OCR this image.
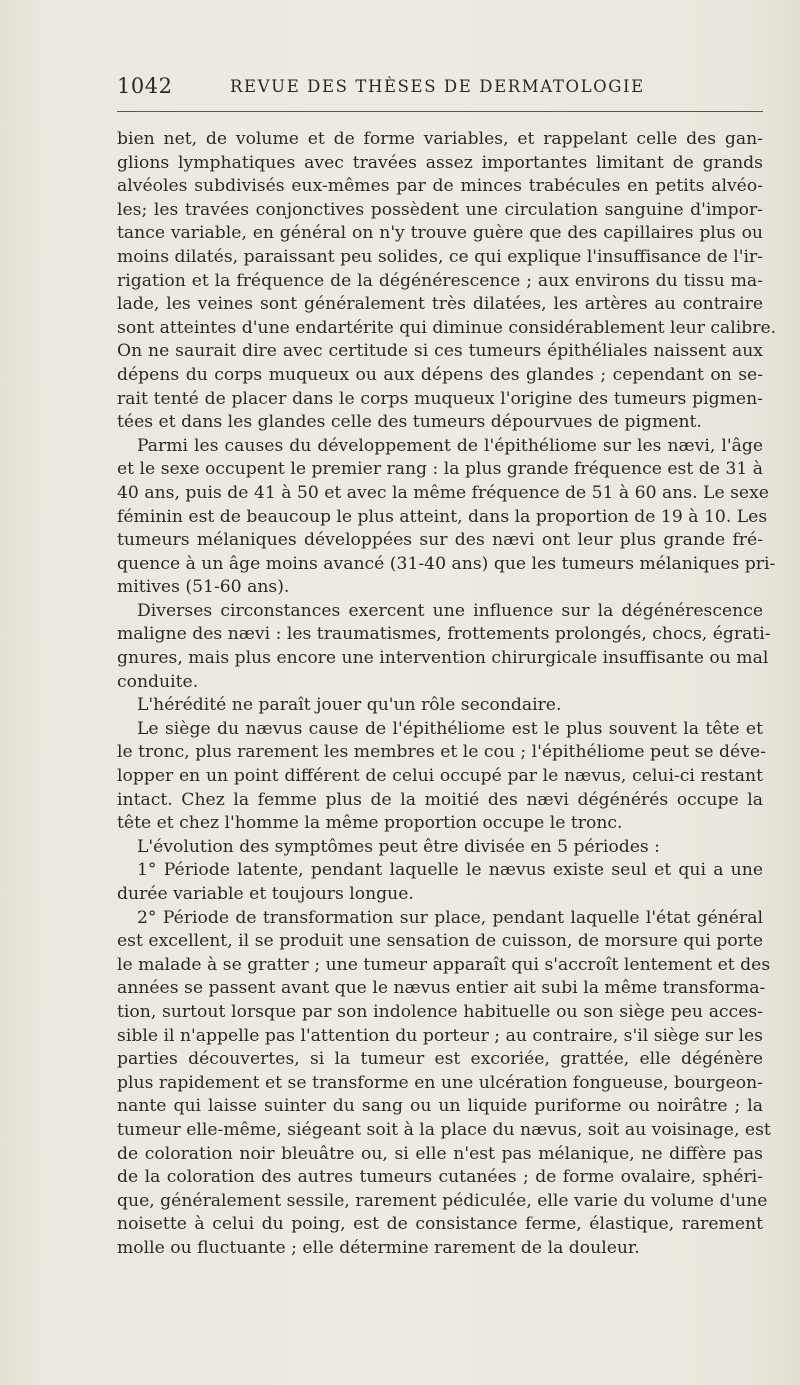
1042	REVUE DES THÈSES DE DERMATOLOGIE
bien net, de volume et de forme variables, et rappelant celle des gan-
glions lymphatiques avec travées assez importantes limitant de grands
alvéoles subdivisés eux-mêmes par de minces trabécules en petits alvéo-
les; les travées conjonctives possèdent une circulation sanguine d'impor-
tance variable, en général on n'y trouve guère que des capillaires plus ou
moins dilatés, paraissant peu solides, ce qui explique l'insuffisance de l'ir-
rigation et la fréquence de la dégénérescence ; aux environs du tissu ma-
lade, les veines sont généralement très dilatées, les artères au contraire
sont atteintes d'une endartérite qui diminue considérablement leur calibre.
On ne saurait dire avec certitude si ces tumeurs épithéliales naissent aux
dépens du corps muqueux ou aux dépens des glandes ; cependant on se-
rait tenté de placer dans le corps muqueux l'origine des tumeurs pigmen-
tées et dans les glandes celle des tumeurs dépourvues de pigment.
Parmi les causes du développement de l'épithéliome sur les nævi, l'âge
et le sexe occupent le premier rang : la plus grande fréquence est de 31 à
40 ans, puis de 41 à 50 et avec la même fréquence de 51 à 60 ans. Le sexe
féminin est de beaucoup le plus atteint, dans la proportion de 19 à 10. Les
tumeurs mélaniques développées sur des nævi ont leur plus grande fré-
quence à un âge moins avancé (31-40 ans) que les tumeurs mélaniques pri-
mitives (51-60 ans).
Diverses circonstances exercent une influence sur la dégénérescence
maligne des nævi : les traumatismes, frottements prolongés, chocs, égrati-
gnures, mais plus encore une intervention chirurgicale insuffisante ou mal
conduite.
L'hérédité ne paraît jouer qu'un rôle secondaire.
Le siège du nævus cause de l'épithéliome est le plus souvent la tête et
le tronc, plus rarement les membres et le cou ; l'épithéliome peut se déve-
lopper en un point différent de celui occupé par le nævus, celui-ci restant
intact. Chez la femme plus de la moitié des nævi dégénérés occupe la
tête et chez l'homme la même proportion occupe le tronc.
L'évolution des symptômes peut être divisée en 5 périodes :
1° Période latente, pendant laquelle le nævus existe seul et qui a une
durée variable et toujours longue.
2° Période de transformation sur place, pendant laquelle l'état général
est excellent, il se produit une sensation de cuisson, de morsure qui porte
le malade à se gratter ; une tumeur apparaît qui s'accroît lentement et des
années se passent avant que le nævus entier ait subi la même transforma-
tion, surtout lorsque par son indolence habituelle ou son siège peu acces-
sible il n'appelle pas l'attention du porteur ; au contraire, s'il siège sur les
parties découvertes, si la tumeur est excoriée, grattée, elle dégénère
plus rapidement et se transforme en une ulcération fongueuse, bourgeon-
nante qui laisse suinter du sang ou un liquide puriforme ou noirâtre ; la
tumeur elle-même, siégeant soit à la place du nævus, soit au voisinage, est
de coloration noir bleuâtre ou, si elle n'est pas mélanique, ne diffère pas
de la coloration des autres tumeurs cutanées ; de forme ovalaire, sphéri-
que, généralement sessile, rarement pédiculée, elle varie du volume d'une
noisette à celui du poing, est de consistance ferme, élastique, rarement
molle ou fluctuante ; elle détermine rarement de la douleur.
